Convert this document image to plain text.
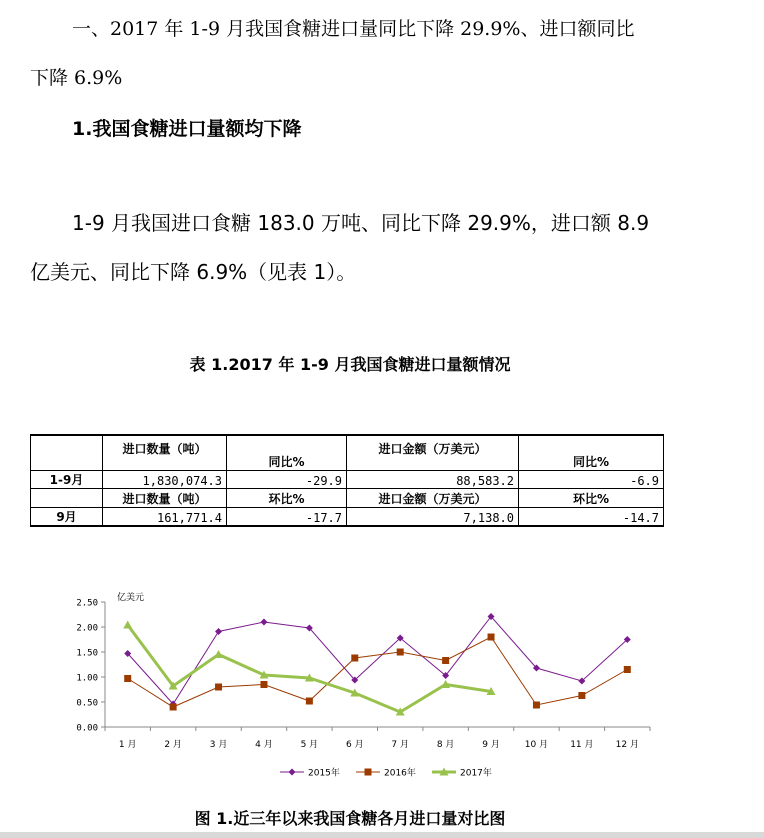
一、2017 年 1-9 月我国食糖进口量同比下降 29.9%、进口额同比
下降 6.9%
1.我国食糖进口量额均下降
1-9 月我国进口食糖 183.0 万吨、同比下降 29.9%，进口额 8.9
亿美元、同比下降 6.9%（见表 1）。
表 1.2017 年 1-9 月我国食糖进口量额情况
	进口数量（吨）	同比%	进口金额（万美元）	同比%
1-9月	1,830,074.3	-29.9	88,583.2	-6.9
	进口数量（吨）	环比%	进口金额（万美元）	环比%
9月	161,771.4	-17.7	7,138.0	-14.7
0.00
0.50
1.00
1.50
2.00
2.50
亿美元
1 月	2 月	3 月	4 月	5 月	6 月	7 月	8 月	9 月	10 月 11 月 12 月
2015年	2016年	2017年
图 1.近三年以来我国食糖各月进口量对比图
